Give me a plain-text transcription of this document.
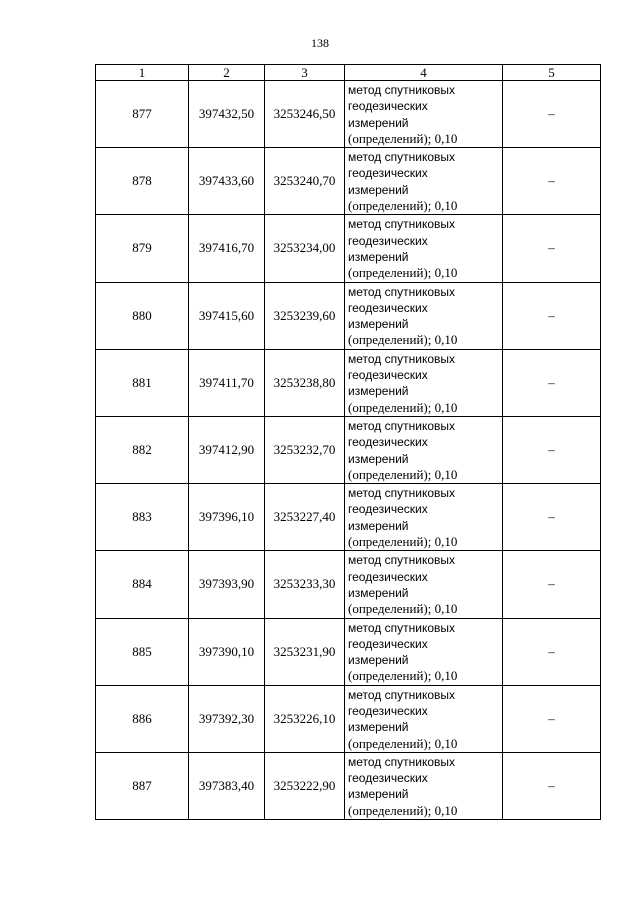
138
1	2	3	4	5
877	397432,50	3253246,50	метод спутниковых
геодезических
измерений
(определений); 0,10	–
878	397433,60	3253240,70	метод спутниковых
геодезических
измерений
(определений); 0,10	–
879	397416,70	3253234,00	метод спутниковых
геодезических
измерений
(определений); 0,10	–
880	397415,60	3253239,60	метод спутниковых
геодезических
измерений
(определений); 0,10	–
881	397411,70	3253238,80	метод спутниковых
геодезических
измерений
(определений); 0,10	–
882	397412,90	3253232,70	метод спутниковых
геодезических
измерений
(определений); 0,10	–
883	397396,10	3253227,40	метод спутниковых
геодезических
измерений
(определений); 0,10	–
884	397393,90	3253233,30	метод спутниковых
геодезических
измерений
(определений); 0,10	–
885	397390,10	3253231,90	метод спутниковых
геодезических
измерений
(определений); 0,10	–
886	397392,30	3253226,10	метод спутниковых
геодезических
измерений
(определений); 0,10	–
887	397383,40	3253222,90	метод спутниковых
геодезических
измерений
(определений); 0,10	–
